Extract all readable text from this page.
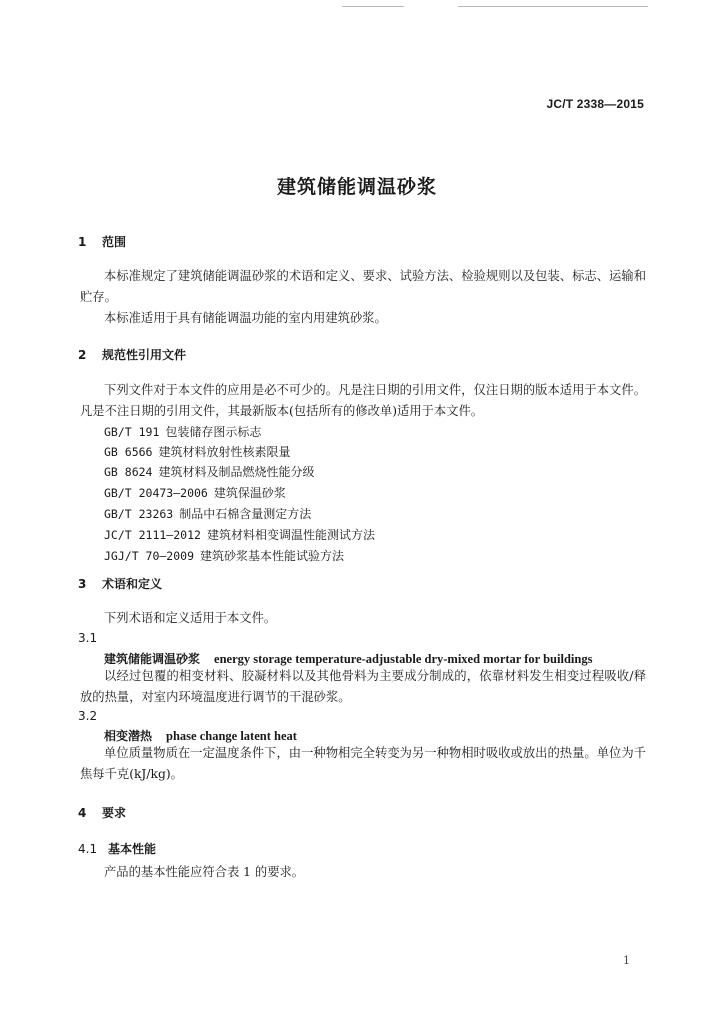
JC/T 2338—2015
建筑储能调温砂浆
1 范围

本标准规定了建筑储能调温砂浆的术语和定义、要求、试验方法、检验规则以及包装、标志、运输和贮存。

本标准适用于具有储能调温功能的室内用建筑砂浆。

2 规范性引用文件

下列文件对于本文件的应用是必不可少的。凡是注日期的引用文件，仅注日期的版本适用于本文件。凡是不注日期的引用文件，其最新版本(包括所有的修改单)适用于本文件。

GB/T 191 包装储存图示标志
GB 6566 建筑材料放射性核素限量
GB 8624 建筑材料及制品燃烧性能分级
GB/T 20473—2006 建筑保温砂浆
GB/T 23263 制品中石棉含量测定方法
JC/T 2111—2012 建筑材料相变调温性能测试方法
JGJ/T 70—2009 建筑砂浆基本性能试验方法
3 术语和定义

下列术语和定义适用于本文件。

3.1
建筑储能调温砂浆 energy storage temperature-adjustable dry-mixed mortar for buildings

以经过包覆的相变材料、胶凝材料以及其他骨料为主要成分制成的，依靠材料发生相变过程吸收/释放的热量，对室内环境温度进行调节的干混砂浆。

3.2
相变潜热 phase change latent heat

单位质量物质在一定温度条件下，由一种物相完全转变为另一种物相时吸收或放出的热量。单位为千焦每千克(kJ/kg)。

4 要求
4.1 基本性能

产品的基本性能应符合表 1 的要求。

1
